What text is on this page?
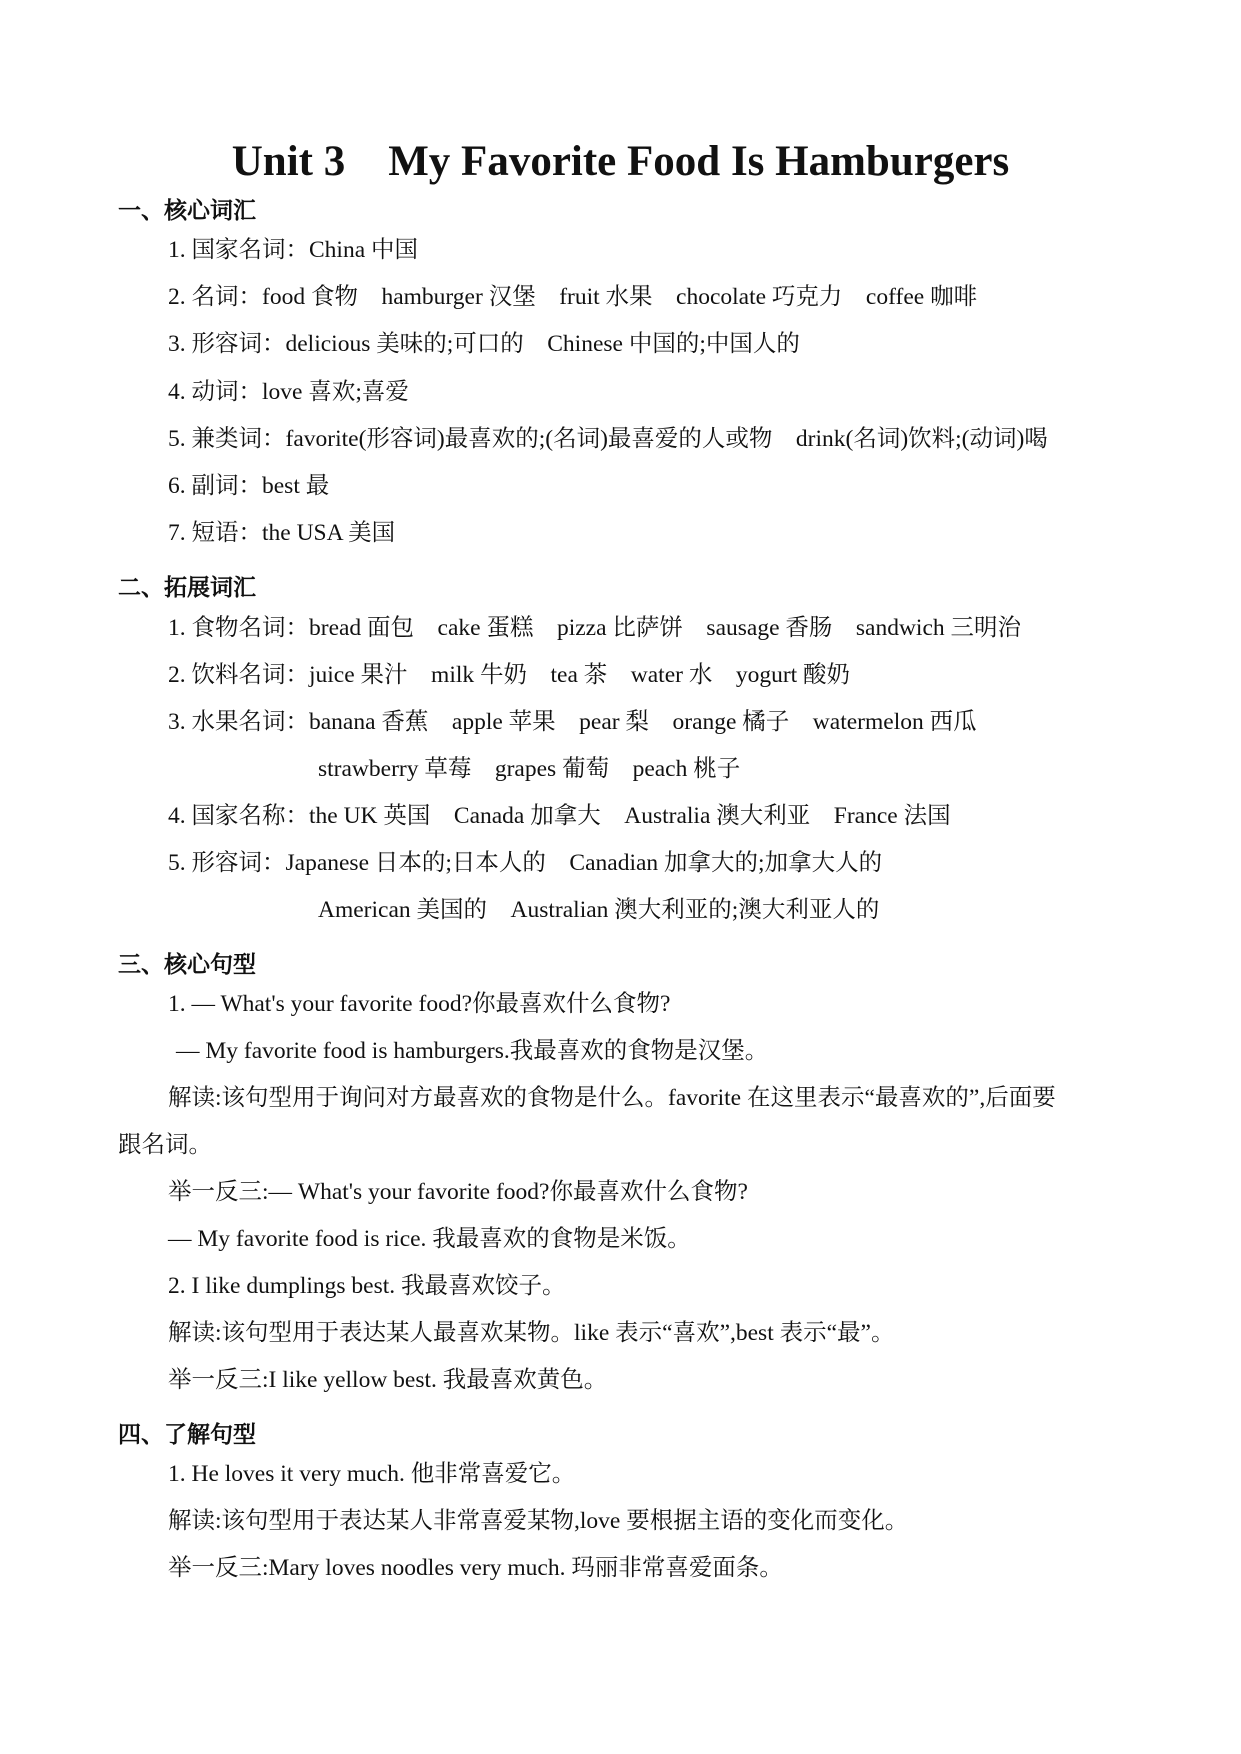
Unit 3    My Favorite Food Is Hamburgers
一、核心词汇

1. 国家名词：China 中国

2. 名词：food 食物    hamburger 汉堡    fruit 水果    chocolate 巧克力    coffee 咖啡

3. 形容词：delicious 美味的;可口的    Chinese 中国的;中国人的

4. 动词：love 喜欢;喜爱

5. 兼类词：favorite(形容词)最喜欢的;(名词)最喜爱的人或物    drink(名词)饮料;(动词)喝

6. 副词：best 最

7. 短语：the USA 美国

二、拓展词汇

1. 食物名词：bread 面包    cake 蛋糕    pizza 比萨饼    sausage 香肠    sandwich 三明治

2. 饮料名词：juice 果汁    milk 牛奶    tea 茶    water 水    yogurt 酸奶

3. 水果名词：banana 香蕉    apple 苹果    pear 梨    orange 橘子    watermelon 西瓜

strawberry 草莓    grapes 葡萄    peach 桃子

4. 国家名称：the UK 英国    Canada 加拿大    Australia 澳大利亚    France 法国

5. 形容词：Japanese 日本的;日本人的    Canadian 加拿大的;加拿大人的

American 美国的    Australian 澳大利亚的;澳大利亚人的

三、核心句型

1. — What's your favorite food?你最喜欢什么食物?

— My favorite food is hamburgers.我最喜欢的食物是汉堡。

解读:该句型用于询问对方最喜欢的食物是什么。favorite 在这里表示“最喜欢的”,后面要

跟名词。

举一反三:— What's your favorite food?你最喜欢什么食物?

— My favorite food is rice. 我最喜欢的食物是米饭。

2. I like dumplings best. 我最喜欢饺子。

解读:该句型用于表达某人最喜欢某物。like 表示“喜欢”,best 表示“最”。

举一反三:I like yellow best. 我最喜欢黄色。

四、了解句型

1. He loves it very much. 他非常喜爱它。

解读:该句型用于表达某人非常喜爱某物,love 要根据主语的变化而变化。

举一反三:Mary loves noodles very much. 玛丽非常喜爱面条。
